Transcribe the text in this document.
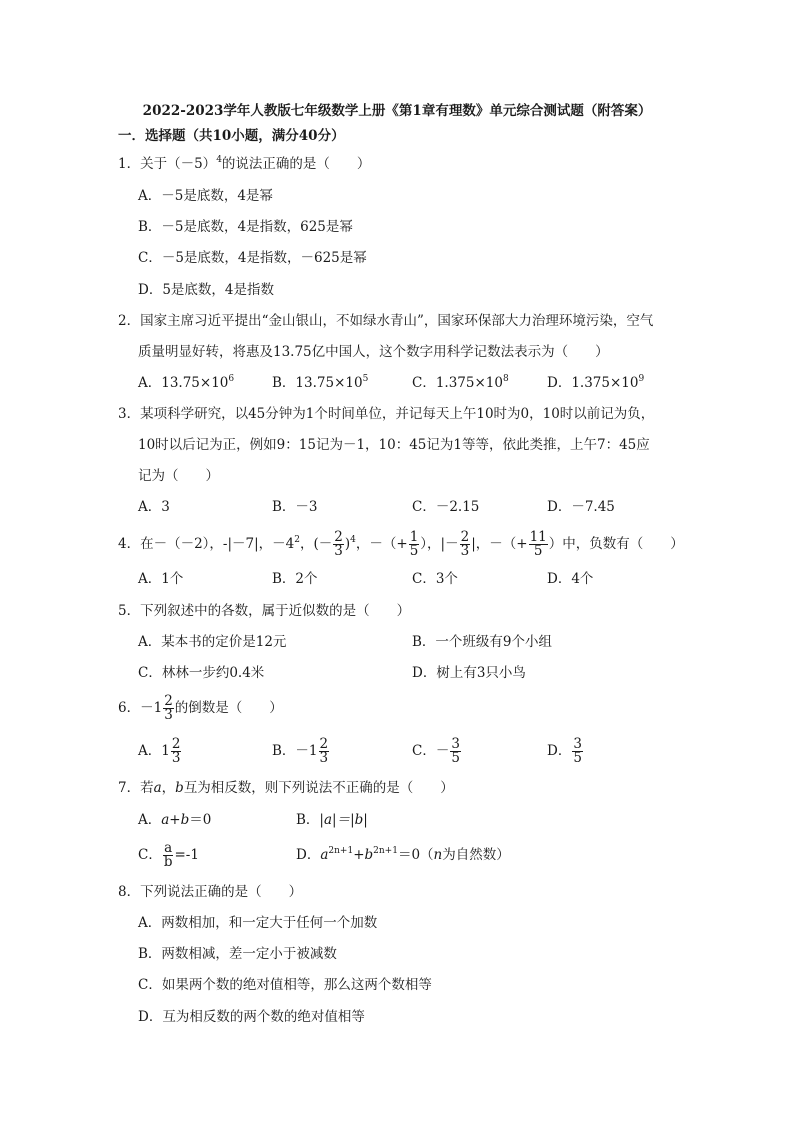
2022-2023学年人教版七年级数学上册《第1章有理数》单元综合测试题（附答案）
一．选择题（共10小题，满分40分）
1．关于$(-5)^4$的说法正确的是（　　）
A．－5是底数，4是幂
B．－5是底数，4是指数，625是幂
C．－5是底数，4是指数，－625是幂
D．5是底数，4是指数
2．国家主席习近平提出“金山银山，不如绿水青山”，国家环保部大力治理环境污染，空气
质量明显好转，将惠及13.75亿中国人，这个数字用科学记数法表示为（　　）
A．$13.75\times 10^6$	B．$13.75\times 10^5$	C．$1.375\times 10^8$	D．$1.375\times 10^9$
3．某项科学研究，以45分钟为1个时间单位，并记每天上午10时为0，10时以前记为负，
10时以后记为正，例如9：15记为－1，10：45记为1等等，依此类推，上午7：45应
记为（　　）
A．3	B．－3	C．－2.15	D．－7.45
4．在－（－2），-|－7|，$-4^2$，(－ $\frac{2}{3} )^4$，－（+ $\frac{1}{5}$ ），|－ $\frac{2}{3}$ |，－（+ $\frac{11}{5}$ ）中，负数有（　　）
A．1个	B．2个	C．3个	D．4个
5．下列叙述中的各数，属于近似数的是（　　）
A．某本书的定价是12元	B．一个班级有9个小组
C．林林一步约0.4米	D．树上有3只小鸟
6．$-1 \frac{2}{3}$ 的倒数是（　　）
A．$1 \frac{2}{3}$	B．$-1 \frac{2}{3}$	C．－ $\frac{3}{5}$	D． $\frac{3}{5}$
7．若a，b互为相反数，则下列说法不正确的是（　　）
A．a+b＝0	B．|a|＝|b|
C． $\frac{a}{b} =-1$	D．$a^{2n+1}+b^{2n+1}=0(n$为自然数）
8．下列说法正确的是（　　）
A．两数相加，和一定大于任何一个加数
B．两数相减，差一定小于被减数
C．如果两个数的绝对值相等，那么这两个数相等
D．互为相反数的两个数的绝对值相等
